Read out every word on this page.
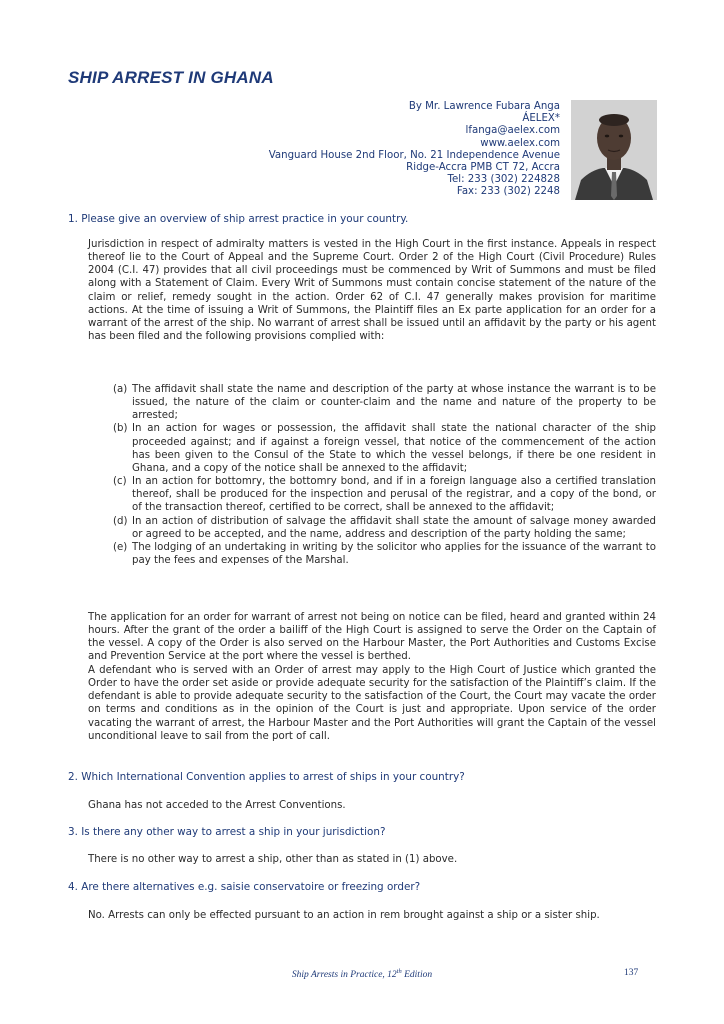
SHIP ARREST IN GHANA
By Mr. Lawrence Fubara Anga
ÁELEX*
lfanga@aelex.com
www.aelex.com
Vanguard House 2nd Floor, No. 21 Independence Avenue
Ridge-Accra PMB CT 72, Accra
Tel: 233 (302) 224828
Fax: 233 (302) 2248
1. Please give an overview of ship arrest practice in your country.
Jurisdiction in respect of admiralty matters is vested in the High Court in the first instance. Appeals in respect thereof lie to the Court of Appeal and the Supreme Court. Order 2 of the High Court (Civil Procedure) Rules 2004 (C.I. 47) provides that all civil proceedings must be commenced by Writ of Summons and must be filed along with a Statement of Claim. Every Writ of Summons must contain concise statement of the nature of the claim or relief, remedy sought in the action. Order 62 of C.I. 47 generally makes provision for maritime actions. At the time of issuing a Writ of Summons, the Plaintiff files an Ex parte application for an order for a warrant of the arrest of the ship. No warrant of arrest shall be issued until an affidavit by the party or his agent has been filed and the following provisions complied with:
(a) The affidavit shall state the name and description of the party at whose instance the warrant is to be issued, the nature of the claim or counter-claim and the name and nature of the property to be arrested;
(b) In an action for wages or possession, the affidavit shall state the national character of the ship proceeded against; and if against a foreign vessel, that notice of the commencement of the action has been given to the Consul of the State to which the vessel belongs, if there be one resident in Ghana, and a copy of the notice shall be annexed to the affidavit;
(c) In an action for bottomry, the bottomry bond, and if in a foreign language also a certified translation thereof, shall be produced for the inspection and perusal of the registrar, and a copy of the bond, or of the transaction thereof, certified to be correct, shall be annexed to the affidavit;
(d) In an action of distribution of salvage the affidavit shall state the amount of salvage money awarded or agreed to be accepted, and the name, address and description of the party holding the same;
(e) The lodging of an undertaking in writing by the solicitor who applies for the issuance of the warrant to pay the fees and expenses of the Marshal.
The application for an order for warrant of arrest not being on notice can be filed, heard and granted within 24 hours. After the grant of the order a bailiff of the High Court is assigned to serve the Order on the Captain of the vessel. A copy of the Order is also served on the Harbour Master, the Port Authorities and Customs Excise and Prevention Service at the port where the vessel is berthed.
A defendant who is served with an Order of arrest may apply to the High Court of Justice which granted the Order to have the order set aside or provide adequate security for the satisfaction of the Plaintiff’s claim. If the defendant is able to provide adequate security to the satisfaction of the Court, the Court may vacate the order on terms and conditions as in the opinion of the Court is just and appropriate. Upon service of the order vacating the warrant of arrest, the Harbour Master and the Port Authorities will grant the Captain of the vessel unconditional leave to sail from the port of call.
2. Which International Convention applies to arrest of ships in your country?
Ghana has not acceded to the Arrest Conventions.
3. Is there any other way to arrest a ship in your jurisdiction?
There is no other way to arrest a ship, other than as stated in (1) above.
4. Are there alternatives e.g. saisie conservatoire or freezing order?
No. Arrests can only be effected pursuant to an action in rem brought against a ship or a sister ship.
Ship Arrests in Practice, 12th Edition	137
